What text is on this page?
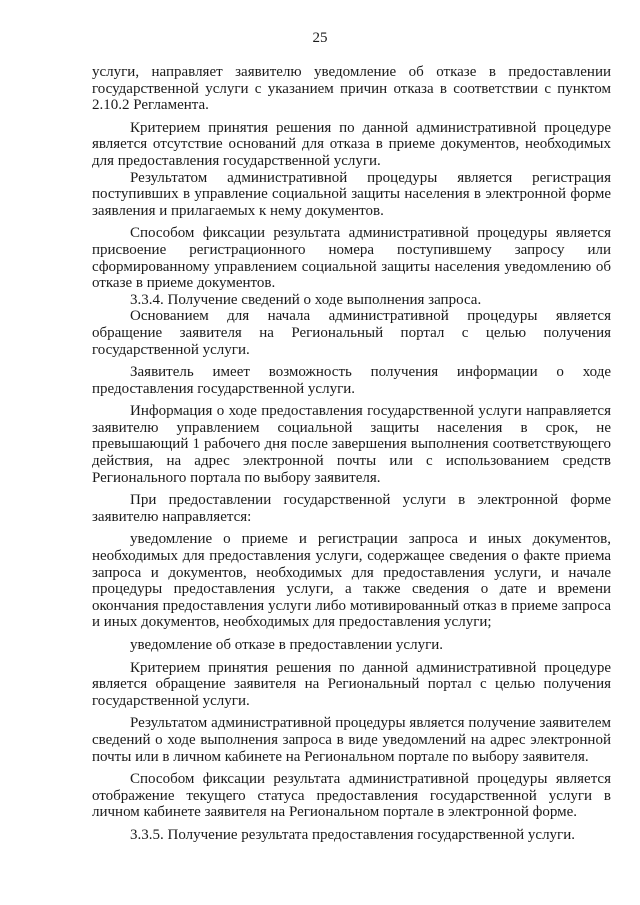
25

услуги, направляет заявителю уведомление об отказе в предоставлении государственной услуги с указанием причин отказа в соответствии с пунктом 2.10.2 Регламента.

Критерием принятия решения по данной административной процедуре является отсутствие оснований для отказа в приеме документов, необходимых для предоставления государственной услуги.

Результатом административной процедуры является регистрация поступивших в управление социальной защиты населения в электронной форме заявления и прилагаемых к нему документов.

Способом фиксации результата административной процедуры является присвоение регистрационного номера поступившему запросу или сформированному управлением социальной защиты населения уведомлению об отказе в приеме документов.

3.3.4. Получение сведений о ходе выполнения запроса.

Основанием для начала административной процедуры является обращение заявителя на Региональный портал с целью получения государственной услуги.

Заявитель имеет возможность получения информации о ходе предоставления государственной услуги.

Информация о ходе предоставления государственной услуги направляется заявителю управлением социальной защиты населения в срок, не превышающий 1 рабочего дня после завершения выполнения соответствующего действия, на адрес электронной почты или с использованием средств Регионального портала по выбору заявителя.

При предоставлении государственной услуги в электронной форме заявителю направляется:

уведомление о приеме и регистрации запроса и иных документов, необходимых для предоставления услуги, содержащее сведения о факте приема запроса и документов, необходимых для предоставления услуги, и начале процедуры предоставления услуги, а также сведения о дате и времени окончания предоставления услуги либо мотивированный отказ в приеме запроса и иных документов, необходимых для предоставления услуги;

уведомление об отказе в предоставлении услуги.

Критерием принятия решения по данной административной процедуре является обращение заявителя на Региональный портал с целью получения государственной услуги.

Результатом административной процедуры является получение заявителем сведений о ходе выполнения запроса в виде уведомлений на адрес электронной почты или в личном кабинете на Региональном портале по выбору заявителя.

Способом фиксации результата административной процедуры является отображение текущего статуса предоставления государственной услуги в личном кабинете заявителя на Региональном портале в электронной форме.

3.3.5. Получение результата предоставления государственной услуги.
